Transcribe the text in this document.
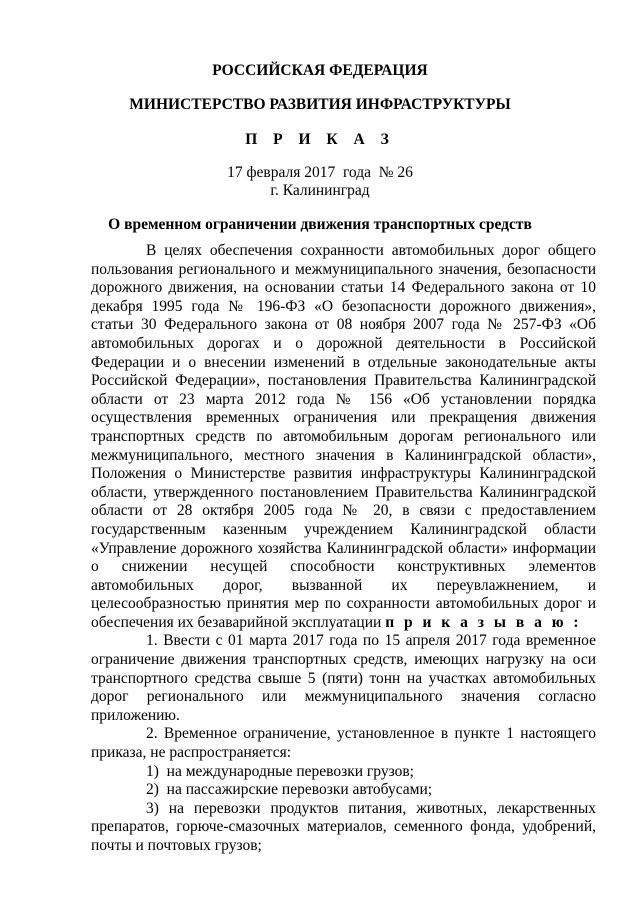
РОССИЙСКАЯ ФЕДЕРАЦИЯ
МИНИСТЕРСТВО РАЗВИТИЯ ИНФРАСТРУКТУРЫ
П Р И К А З
17 февраля 2017  года  № 26
г. Калининград
О временном ограничении движения транспортных средств

В целях обеспечения сохранности автомобильных дорог общего пользования регионального и межмуниципального значения, безопасности дорожного движения, на основании статьи 14 Федерального закона от 10 декабря 1995 года № 196-ФЗ «О безопасности дорожного движения», статьи 30 Федерального закона от 08 ноября 2007 года № 257-ФЗ «Об автомобильных дорогах и о дорожной деятельности в Российской Федерации и о внесении изменений в отдельные законодательные акты Российской Федерации», постановления Правительства Калининградской области от 23 марта 2012 года № 156 «Об установлении порядка осуществления временных ограничения или прекращения движения транспортных средств по автомобильным дорогам регионального или межмуниципального, местного значения в Калининградской области», Положения о Министерстве развития инфраструктуры Калининградской области, утвержденного постановлением Правительства Калининградской области от 28 октября 2005 года № 20, в связи с предоставлением государственным казенным учреждением Калининградской области «Управление дорожного хозяйства Калининградской области» информации о снижении несущей способности конструктивных элементов автомобильных дорог, вызванной их переувлажнением, и целесообразностью принятия мер по сохранности автомобильных дорог и обеспечения их безаварийной эксплуатации п р и к а з ы в а ю :

1. Ввести с 01 марта 2017 года по 15 апреля 2017 года временное ограничение движения транспортных средств, имеющих нагрузку на оси транспортного средства свыше 5 (пяти) тонн на участках автомобильных дорог регионального или межмуниципального значения согласно приложению.

2. Временное ограничение, установленное в пункте 1 настоящего приказа, не распространяется:

1)  на международные перевозки грузов;

2)  на пассажирские перевозки автобусами;

3) на перевозки продуктов питания, животных, лекарственных препаратов, горюче-смазочных материалов, семенного фонда, удобрений, почты и почтовых грузов;
